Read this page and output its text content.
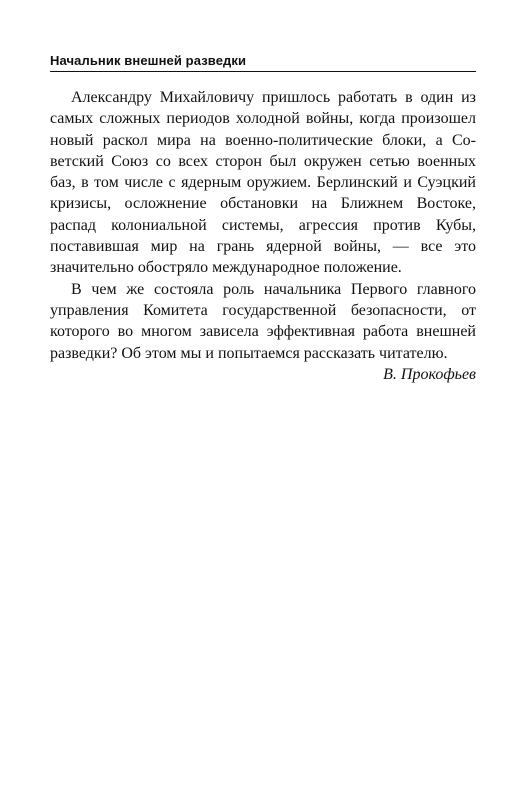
Начальник внешней разведки

Александру Михайловичу пришлось работать в один из самых сложных периодов холодной войны, когда произошел новый раскол мира на военно-политические блоки, а Советский Союз со всех сторон был окружен сетью военных баз, в том числе с ядерным оружием. Берлинский и Суэцкий кризисы, осложнение обстановки на Ближнем Востоке, распад колониальной системы, агрессия против Кубы, поставившая мир на грань ядерной войны, — все это значительно обостряло международное положение.

В чем же состояла роль начальника Первого главного управления Комитета государственной безопасности, от которого во многом зависела эффективная работа внешней разведки? Об этом мы и попытаемся рассказать читателю.

В. Прокофьев
